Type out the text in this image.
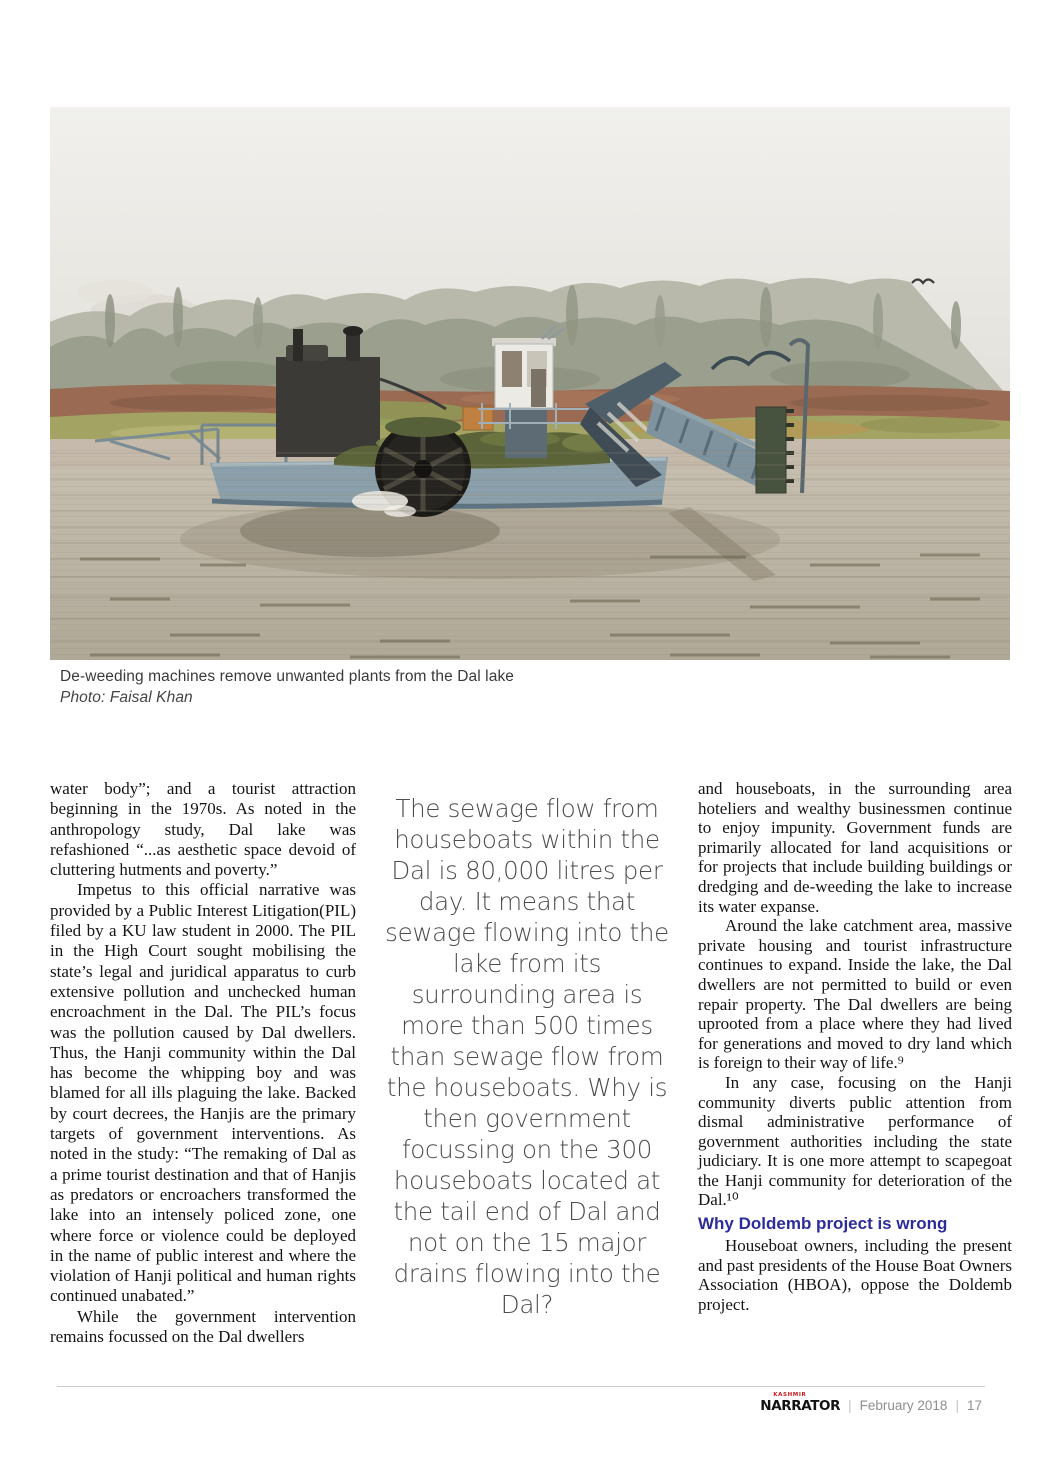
De-weeding machines remove unwanted plants from the Dal lake
Photo: Faisal Khan

water body”; and a tourist attraction beginning in the 1970s. As noted in the anthropology study, Dal lake was refashioned “...as aesthetic space devoid of cluttering hutments and poverty.”

Impetus to this official narrative was provided by a Public Interest Litigation(PIL) filed by a KU law student in 2000. The PIL in the High Court sought mobilising the state’s legal and juridical apparatus to curb extensive pollution and unchecked human encroachment in the Dal. The PIL’s focus was the pollution caused by Dal dwellers. Thus, the Hanji community within the Dal has become the whipping boy and was blamed for all ills plaguing the lake. Backed by court decrees, the Hanjis are the primary targets of government interventions. As noted in the study: “The remaking of Dal as a prime tourist destination and that of Hanjis as predators or encroachers transformed the lake into an intensely policed zone, one where force or violence could be deployed in the name of public interest and where the violation of Hanji political and human rights continued unabated.”

While the government intervention remains focussed on the Dal dwellers

The sewage flow from houseboats within the Dal is 80,000 litres per day. It means that sewage flowing into the lake from its surrounding area is more than 500 times than sewage flow from the houseboats. Why is then government focussing on the 300 houseboats located at the tail end of Dal and not on the 15 major drains flowing into the Dal?

and houseboats, in the surrounding area hoteliers and wealthy businessmen continue to enjoy impunity. Government funds are primarily allocated for land acquisitions or for projects that include building buildings or dredging and de-weeding the lake to increase its water expanse.

Around the lake catchment area, massive private housing and tourist infrastructure continues to expand. Inside the lake, the Dal dwellers are not permitted to build or even repair property. The Dal dwellers are being uprooted from a place where they had lived for generations and moved to dry land which is foreign to their way of life.⁹

In any case, focusing on the Hanji community diverts public attention from dismal administrative performance of government authorities including the state judiciary. It is one more attempt to scapegoat the Hanji community for deterioration of the Dal.¹⁰

Why Doldemb project is wrong

Houseboat owners, including the present and past presidents of the House Boat Owners Association (HBOA), oppose the Doldemb project.

KASHMIR
NARRATOR | February 2018 | 17
